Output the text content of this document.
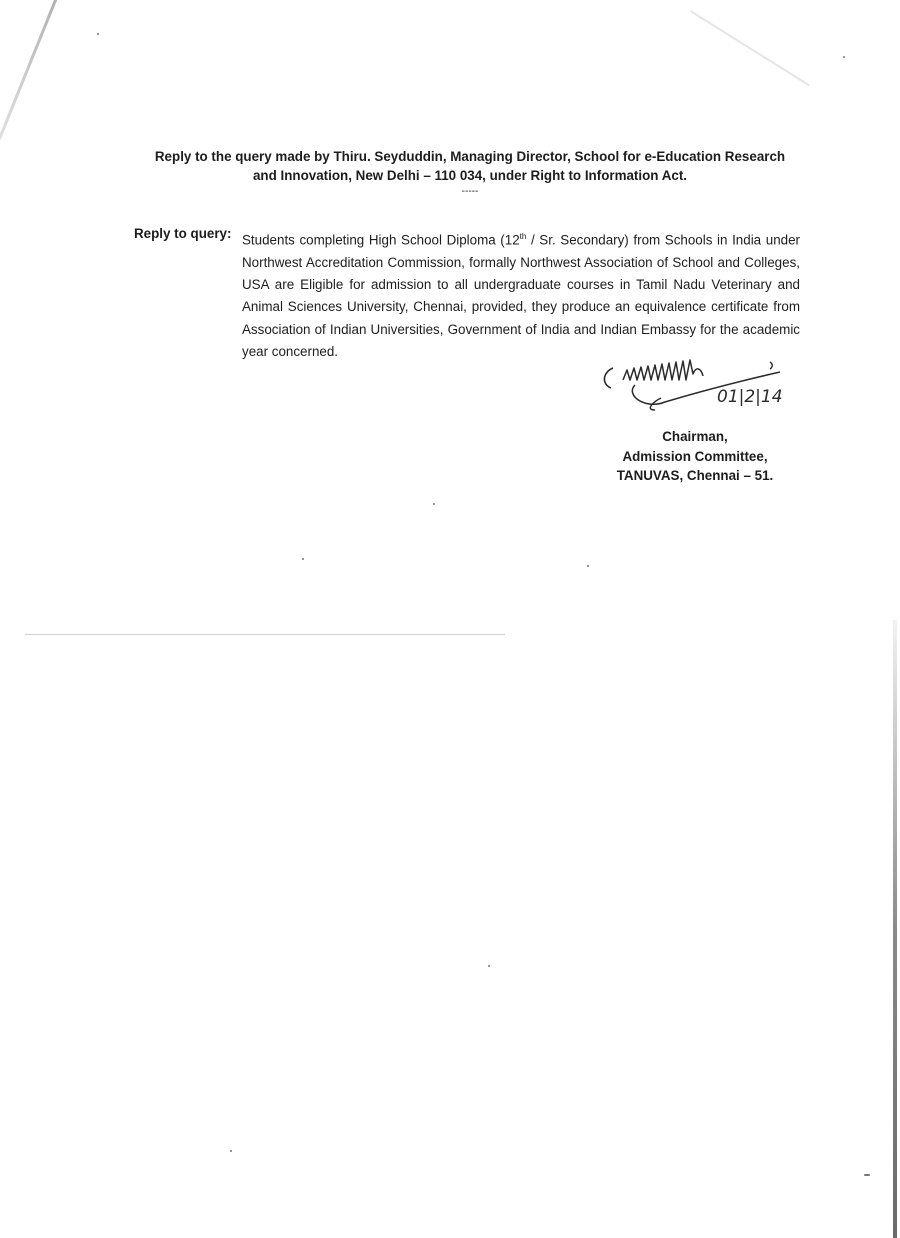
Reply to the query made by Thiru. Seyduddin, Managing Director, School for e-Education Research
and Innovation, New Delhi – 110 034, under Right to Information Act.
-----
Reply to query: Students completing High School Diploma (12th / Sr. Secondary) from Schools in India under Northwest Accreditation Commission, formally Northwest Association of School and Colleges, USA are Eligible for admission to all undergraduate courses in Tamil Nadu Veterinary and Animal Sciences University, Chennai, provided, they produce an equivalence certificate from Association of Indian Universities, Government of India and Indian Embassy for the academic year concerned.
01|2|14
Chairman,
Admission Committee,
TANUVAS, Chennai – 51.
